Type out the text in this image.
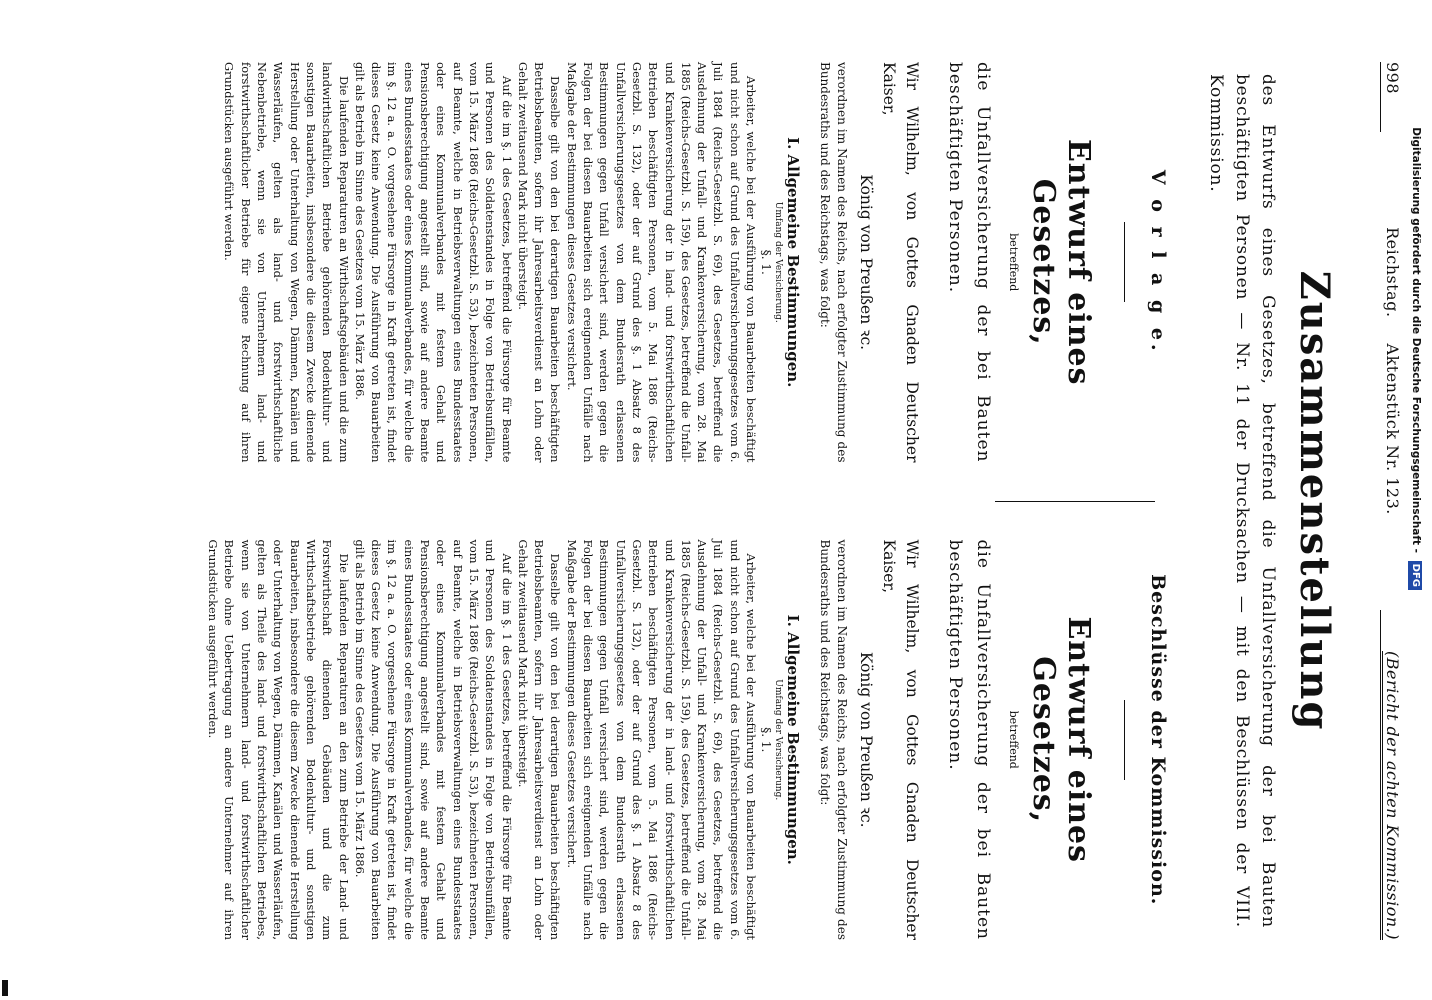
998
Reichstag.
Aktenstück Nr. 123.
(Bericht der achten Kommission.)
Zusammenstellung
des Entwurfs eines Gesetzes, betreffend die Unfallversicherung der bei Bauten beschäftigten Personen — Nr. 11 der Drucksachen — mit den Beschlüssen der VIII. Kommission.
V o r l a g e.
Entwurf eines Gesetzes,
betreffend
die Unfallversicherung der bei Bauten beschäftigten Personen.
Wir Wilhelm, von Gottes Gnaden Deutscher Kaiser,
König von Preußen ꝛc.
verordnen im Namen des Reichs, nach erfolgter Zustimmung des Bundesraths und des Reichstags, was folgt:
I. Allgemeine Bestimmungen.
Umfang der Versicherung.
§. 1.

Arbeiter, welche bei der Ausführung von Bauarbeiten beschäftigt und nicht schon auf Grund des Unfallversicherungsgesetzes vom 6. Juli 1884 (Reichs-Gesetzbl. S. 69), des Gesetzes, betreffend die Ausdehnung der Unfall- und Krankenversicherung, vom 28. Mai 1885 (Reichs-Gesetzbl. S. 159), des Gesetzes, betreffend die Unfall- und Krankenversicherung der in land- und forstwirthschaftlichen Betrieben beschäftigten Personen, vom 5. Mai 1886 (Reichs-Gesetzbl. S. 132), oder der auf Grund des §. 1 Absatz 8 des Unfallversicherungsgesetzes von dem Bundesrath erlassenen Bestimmungen gegen Unfall versichert sind, werden gegen die Folgen der bei diesen Bauarbeiten sich ereignenden Unfälle nach Maßgabe der Bestimmungen dieses Gesetzes versichert.

Dasselbe gilt von den bei derartigen Bauarbeiten beschäftigten Betriebsbeamten, sofern ihr Jahresarbeitsverdienst an Lohn oder Gehalt zweitausend Mark nicht übersteigt.

Auf die im §. 1 des Gesetzes, betreffend die Fürsorge für Beamte und Personen des Soldatenstandes in Folge von Betriebsunfällen, vom 15. März 1886 (Reichs-Gesetzbl. S. 53), bezeichneten Personen, auf Beamte, welche in Betriebsverwaltungen eines Bundesstaates oder eines Kommunalverbandes mit festem Gehalt und Pensionsberechtigung angestellt sind, sowie auf andere Beamte eines Bundesstaates oder eines Kommunalverbandes, für welche die im §. 12 a. a. O. vorgesehene Fürsorge in Kraft getreten ist, findet dieses Gesetz keine Anwendung. Die Ausführung von Bauarbeiten gilt als Betrieb im Sinne des Gesetzes vom 15. März 1886.

Die laufenden Reparaturen an Wirthschaftsgebäuden und die zum landwirthschaftlichen Betriebe gehörenden Bodenkultur- und sonstigen Bauarbeiten, insbesondere die diesem Zwecke dienende Herstellung oder Unterhaltung von Wegen, Dämmen, Kanälen und Wasserläufen, gelten als land- und forstwirthschaftliche Nebenbetriebe, wenn sie von Unternehmern land- und forstwirthschaftlicher Betriebe für eigene Rechnung auf ihren Grundstücken ausgeführt werden.

Beschlüsse der Kommission.
Entwurf eines Gesetzes,
betreffend
die Unfallversicherung der bei Bauten beschäftigten Personen.
Wir Wilhelm, von Gottes Gnaden Deutscher Kaiser,
König von Preußen ꝛc.
verordnen im Namen des Reichs, nach erfolgter Zustimmung des Bundesraths und des Reichstags, was folgt:
I. Allgemeine Bestimmungen.
Umfang der Versicherung.
§. 1.

Arbeiter, welche bei der Ausführung von Bauarbeiten beschäftigt und nicht schon auf Grund des Unfallversicherungsgesetzes vom 6. Juli 1884 (Reichs-Gesetzbl. S. 69), des Gesetzes, betreffend die Ausdehnung der Unfall- und Krankenversicherung, vom 28. Mai 1885 (Reichs-Gesetzbl. S. 159), des Gesetzes, betreffend die Unfall- und Krankenversicherung der in land- und forstwirthschaftlichen Betrieben beschäftigten Personen, vom 5. Mai 1886 (Reichs-Gesetzbl. S. 132), oder der auf Grund des §. 1 Absatz 8 des Unfallversicherungsgesetzes von dem Bundesrath erlassenen Bestimmungen gegen Unfall versichert sind, werden gegen die Folgen der bei diesen Bauarbeiten sich ereignenden Unfälle nach Maßgabe der Bestimmungen dieses Gesetzes versichert.

Dasselbe gilt von den bei derartigen Bauarbeiten beschäftigten Betriebsbeamten, sofern ihr Jahresarbeitsverdienst an Lohn oder Gehalt zweitausend Mark nicht übersteigt.

Auf die im §. 1 des Gesetzes, betreffend die Fürsorge für Beamte und Personen des Soldatenstandes in Folge von Betriebsunfällen, vom 15. März 1886 (Reichs-Gesetzbl. S. 53), bezeichneten Personen, auf Beamte, welche in Betriebsverwaltungen eines Bundesstaates oder eines Kommunalverbandes mit festem Gehalt und Pensionsberechtigung angestellt sind, sowie auf andere Beamte eines Bundesstaates oder eines Kommunalverbandes, für welche die im §. 12 a. a. O. vorgesehene Fürsorge in Kraft getreten ist, findet dieses Gesetz keine Anwendung. Die Ausführung von Bauarbeiten gilt als Betrieb im Sinne des Gesetzes vom 15. März 1886.

Die laufenden Reparaturen an den zum Betriebe der Land- und Forstwirthschaft dienenden Gebäuden und die zum Wirthschaftsbetriebe gehörenden Bodenkultur- und sonstigen Bauarbeiten, insbesondere die diesem Zwecke dienende Herstellung oder Unterhaltung von Wegen, Dämmen, Kanälen und Wasserläufen, gelten als Theile des land- und forstwirthschaftlichen Betriebes, wenn sie von Unternehmern land- und forstwirthschaftlicher Betriebe ohne Uebertragung an andere Unternehmer auf ihren Grundstücken ausgeführt werden.

Digitalisierung gefördert durch die Deutsche Forschungsgemeinschaft - DFG
